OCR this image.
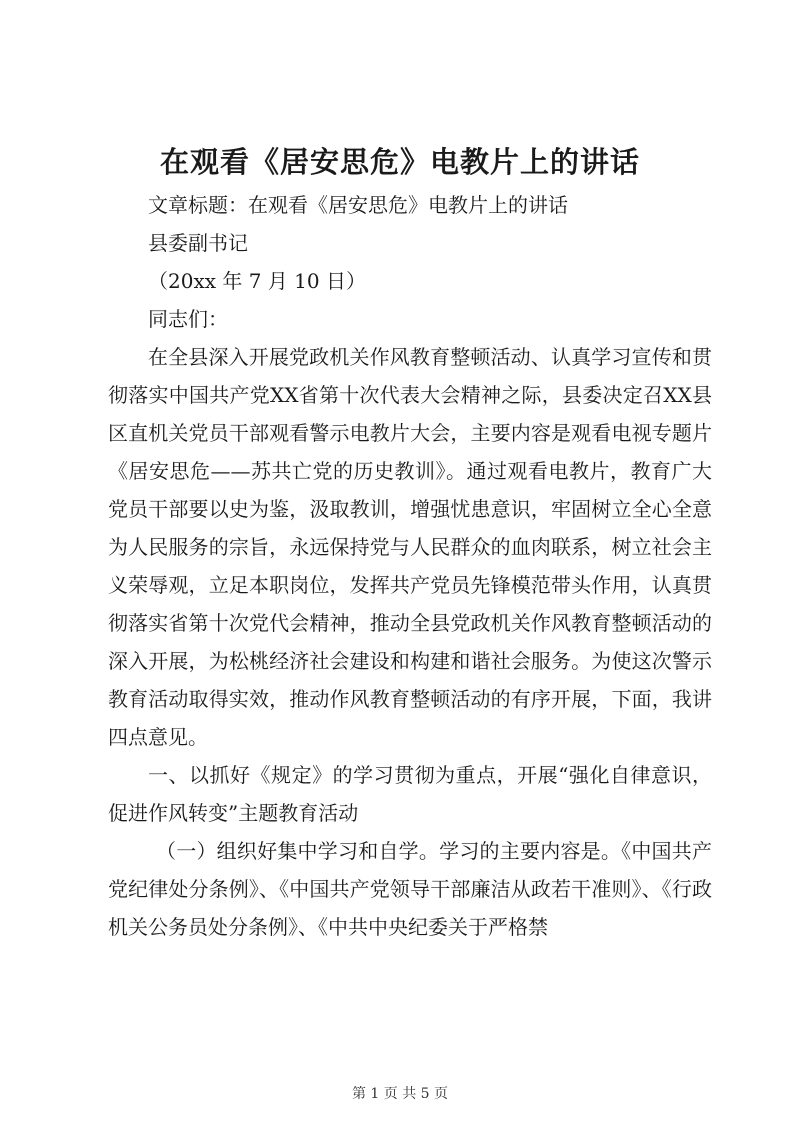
在观看《居安思危》电教片上的讲话

文章标题：在观看《居安思危》电教片上的讲话

县委副书记

（20xx 年 7 月 10 日）

同志们：

在全县深入开展党政机关作风教育整顿活动、认真学习宣传和贯彻落实中国共产党XX省第十次代表大会精神之际，县委决定召XX县区直机关党员干部观看警示电教片大会，主要内容是观看电视专题片《居安思危——苏共亡党的历史教训》。通过观看电教片，教育广大党员干部要以史为鉴，汲取教训，增强忧患意识，牢固树立全心全意为人民服务的宗旨，永远保持党与人民群众的血肉联系，树立社会主义荣辱观，立足本职岗位，发挥共产党员先锋模范带头作用，认真贯彻落实省第十次党代会精神，推动全县党政机关作风教育整顿活动的深入开展，为松桃经济社会建设和构建和谐社会服务。为使这次警示教育活动取得实效，推动作风教育整顿活动的有序开展，下面，我讲四点意见。

一、以抓好《规定》的学习贯彻为重点，开展“强化自律意识，促进作风转变”主题教育活动

（一）组织好集中学习和自学。学习的主要内容是。《中国共产党纪律处分条例》、《中国共产党领导干部廉洁从政若干准则》、《行政机关公务员处分条例》、《中共中央纪委关于严格禁

第 1 页 共 5 页
